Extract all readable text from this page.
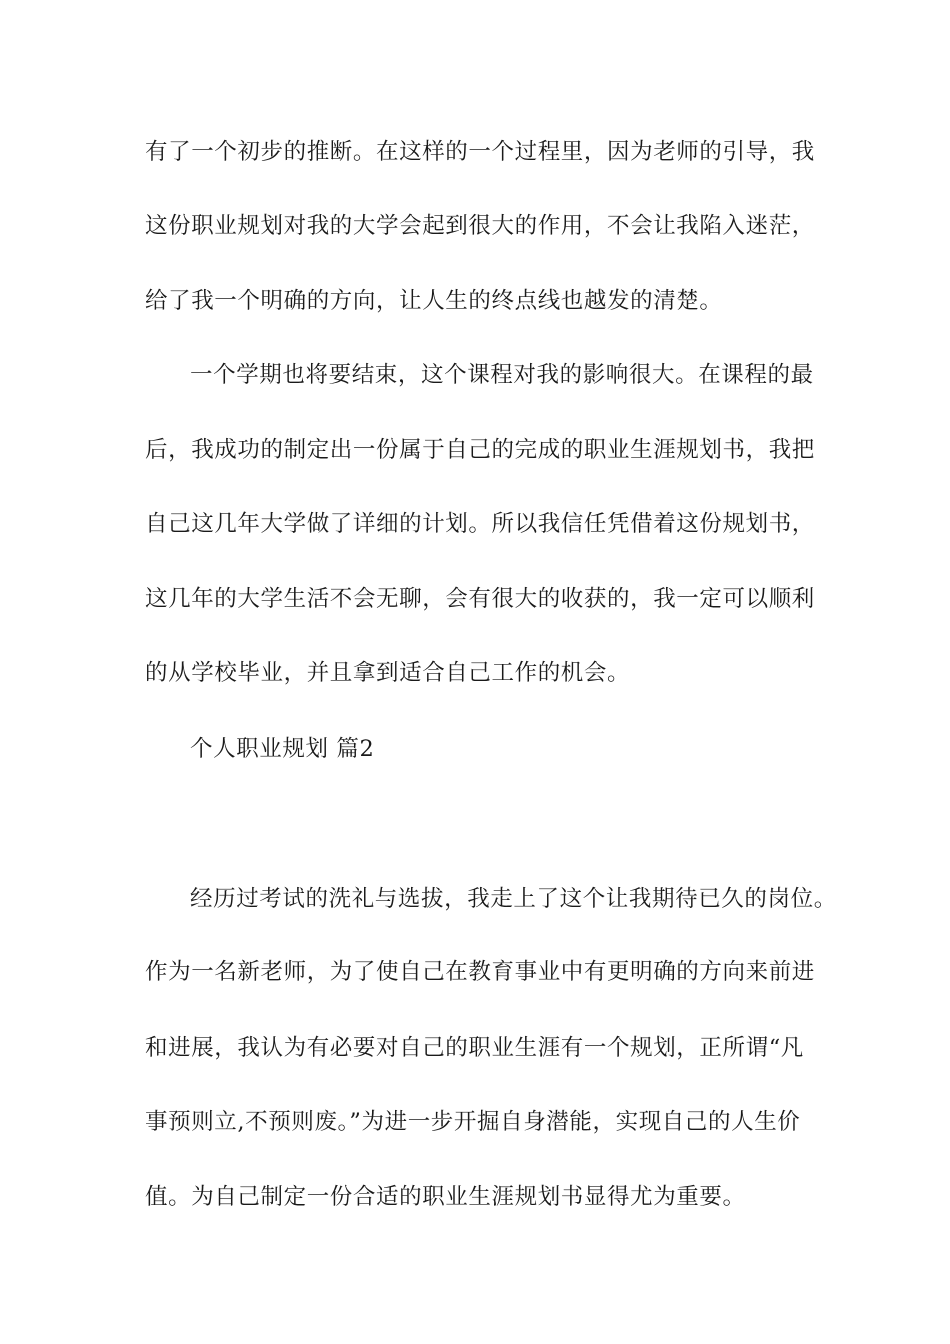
有了一个初步的推断。在这样的一个过程里，因为老师的引导，我
这份职业规划对我的大学会起到很大的作用，不会让我陷入迷茫，
给了我一个明确的方向，让人生的终点线也越发的清楚。
一个学期也将要结束，这个课程对我的影响很大。在课程的最
后，我成功的制定出一份属于自己的完成的职业生涯规划书，我把
自己这几年大学做了详细的计划。所以我信任凭借着这份规划书，
这几年的大学生活不会无聊，会有很大的收获的，我一定可以顺利
的从学校毕业，并且拿到适合自己工作的机会。
个人职业规划 篇2
经历过考试的洗礼与选拔，我走上了这个让我期待已久的岗位。
作为一名新老师，为了使自己在教育事业中有更明确的方向来前进
和进展，我认为有必要对自己的职业生涯有一个规划，正所谓“凡
事预则立,不预则废。”为进一步开掘自身潜能，实现自己的人生价
值。为自己制定一份合适的职业生涯规划书显得尤为重要。
